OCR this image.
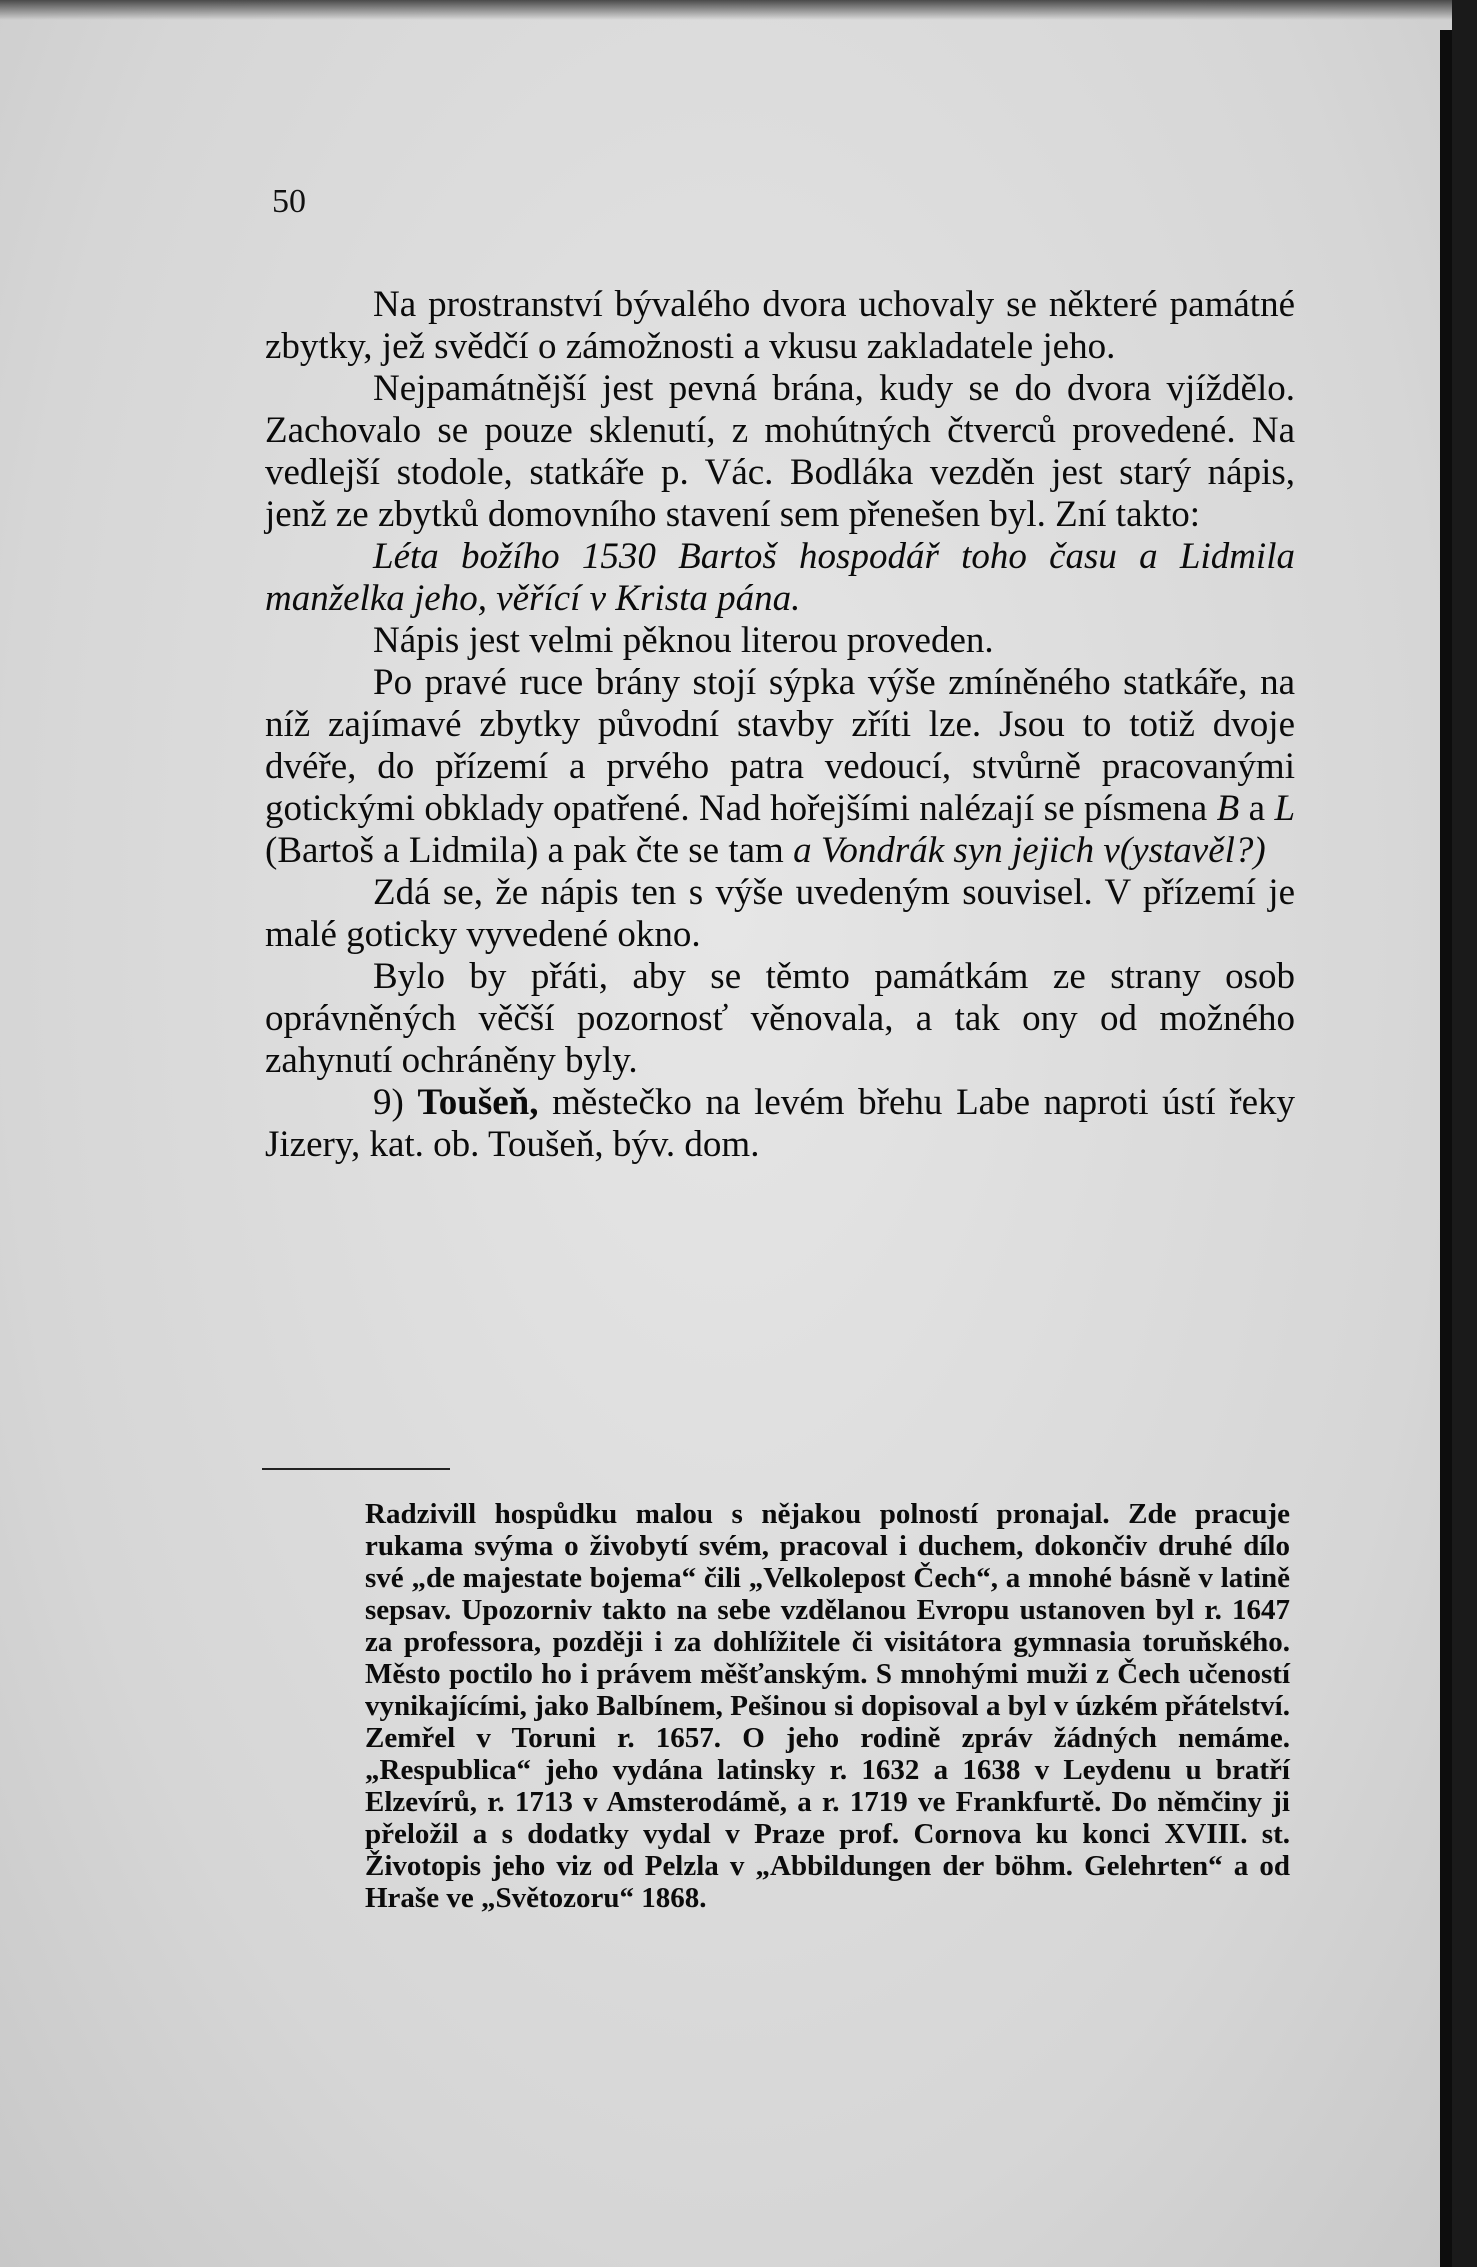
50

Na prostranství bývalého dvora uchovaly se některé památné zbytky, jež svědčí o zámožnosti a vkusu zakladatele jeho.

Nejpamátnější jest pevná brána, kudy se do dvora vjíždělo. Zachovalo se pouze sklenutí, z mohútných čtverců provedené. Na vedlejší stodole, statkáře p. Vác. Bodláka vezděn jest starý nápis, jenž ze zbytků domovního stavení sem přenešen byl. Zní takto:

Léta božího 1530 Bartoš hospodář toho času a Lidmila manželka jeho, věřící v Krista pána.

Nápis jest velmi pěknou literou proveden.

Po pravé ruce brány stojí sýpka výše zmíněného statkáře, na níž zajímavé zbytky původní stavby zříti lze. Jsou to totiž dvoje dvéře, do přízemí a prvého patra vedoucí, stvůrně pracovanými gotickými obklady opatřené. Nad hořejšími nalézají se písmena B a L (Bartoš a Lidmila) a pak čte se tam a Vondrák syn jejich v(ystavěl?)

Zdá se, že nápis ten s výše uvedeným souvisel. V přízemí je malé goticky vyvedené okno.

Bylo by přáti, aby se těmto památkám ze strany osob oprávněných věčší pozornosť věnovala, a tak ony od možného zahynutí ochráněny byly.

9) Toušeň, městečko na levém břehu Labe naproti ústí řeky Jizery, kat. ob. Toušeň, býv. dom.

Radzivill hospůdku malou s nějakou polností pronajal. Zde pracuje rukama svýma o živobytí svém, pracoval i duchem, dokončiv druhé dílo své „de majestate bojema“ čili „Velkolepost Čech“, a mnohé básně v latině sepsav. Upozorniv takto na sebe vzdělanou Evropu ustanoven byl r. 1647 za professora, později i za dohlížitele či visitátora gymnasia toruňského. Město poctilo ho i právem měšťanským. S mnohými muži z Čech učeností vynikajícími, jako Balbínem, Pešinou si dopisoval a byl v úzkém přátelství. Zemřel v Toruni r. 1657. O jeho rodině zpráv žádných nemáme. „Respublica“ jeho vydána latinsky r. 1632 a 1638 v Leydenu u bratří Elzevírů, r. 1713 v Amsterodámě, a r. 1719 ve Frankfurtě. Do němčiny ji přeložil a s dodatky vydal v Praze prof. Cornova ku konci XVIII. st. Životopis jeho viz od Pelzla v „Abbildungen der böhm. Gelehrten“ a od Hraše ve „Světozoru“ 1868.
